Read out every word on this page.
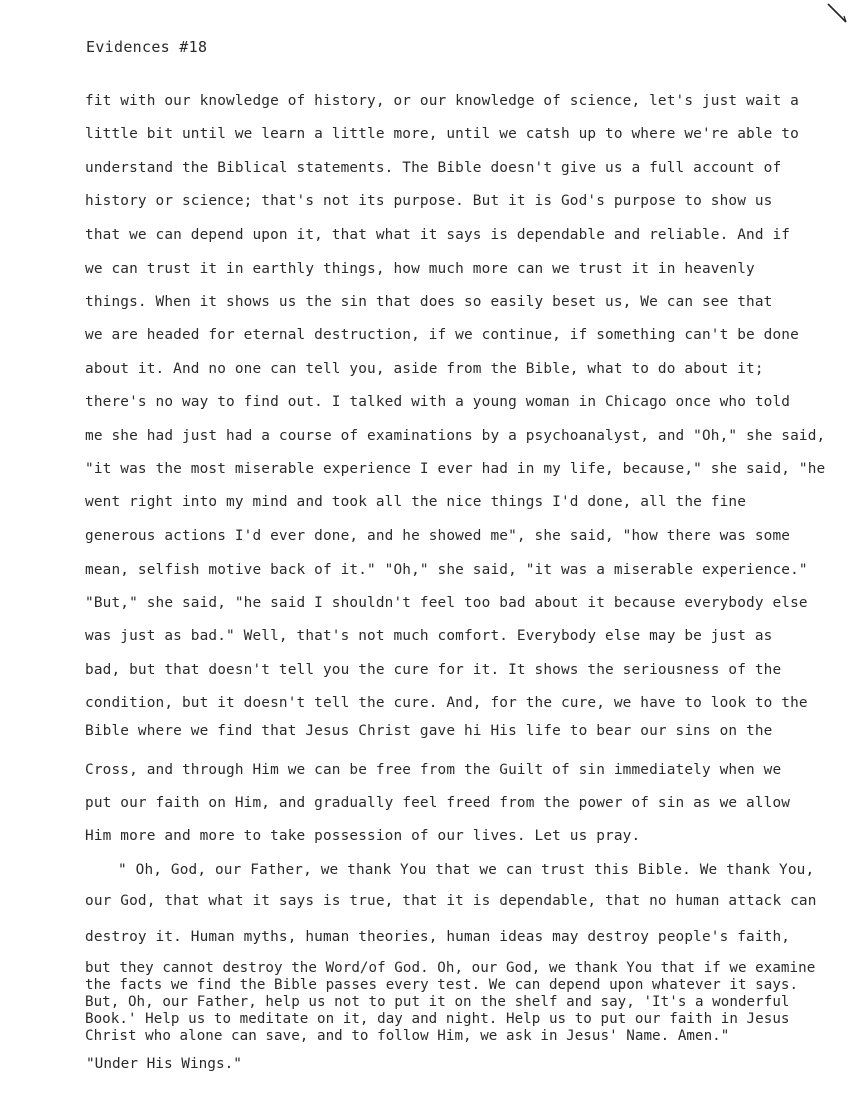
Evidences #18
fit with our knowledge of history, or our knowledge of science, let's just wait a
little bit until we learn a little more, until we catsh up to where we're able to
understand the Biblical statements. The Bible doesn't give us a full account of
history or science; that's not its purpose. But it is God's purpose to show us
that we can depend upon it, that what it says is dependable and reliable. And if
we can trust it in earthly things, how much more can we trust it in heavenly
things. When it shows us the sin that does so easily beset us, We can see that
we are headed for eternal destruction, if we continue, if something can't be done
about it. And no one can tell you, aside from the Bible, what to do about it;
there's no way to find out. I talked with a young woman in Chicago once who told
me she had just had a course of examinations by a psychoanalyst, and "Oh," she said,
"it was the most miserable experience I ever had in my life, because," she said, "he
went right into my mind and took all the nice things I'd done, all the fine
generous actions I'd ever done, and he showed me", she said, "how there was some
mean, selfish motive back of it." "Oh," she said, "it was a miserable experience."
"But," she said, "he said I shouldn't feel too bad about it because everybody else
was just as bad." Well, that's not much comfort. Everybody else may be just as
bad, but that doesn't tell you the cure for it. It shows the seriousness of the
condition, but it doesn't tell the cure. And, for the cure, we have to look to the
Bible where we find that Jesus Christ gave hi His life to bear our sins on the
Cross, and through Him we can be free from the Guilt of sin immediately when we
put our faith on Him, and gradually feel freed from the power of sin as we allow
Him more and more to take possession of our lives. Let us pray.
" Oh, God, our Father, we thank You that we can trust this Bible. We thank You,
our God, that what it says is true, that it is dependable, that no human attack can
destroy it. Human myths, human theories, human ideas may destroy people's faith,
but they cannot destroy the Word/of God. Oh, our God, we thank You that if we examine
the facts we find the Bible passes every test. We can depend upon whatever it says.
But, Oh, our Father, help us not to put it on the shelf and say, 'It's a wonderful
Book.' Help us to meditate on it, day and night. Help us to put our faith in Jesus
Christ who alone can save, and to follow Him, we ask in Jesus' Name. Amen."
"Under His Wings."
